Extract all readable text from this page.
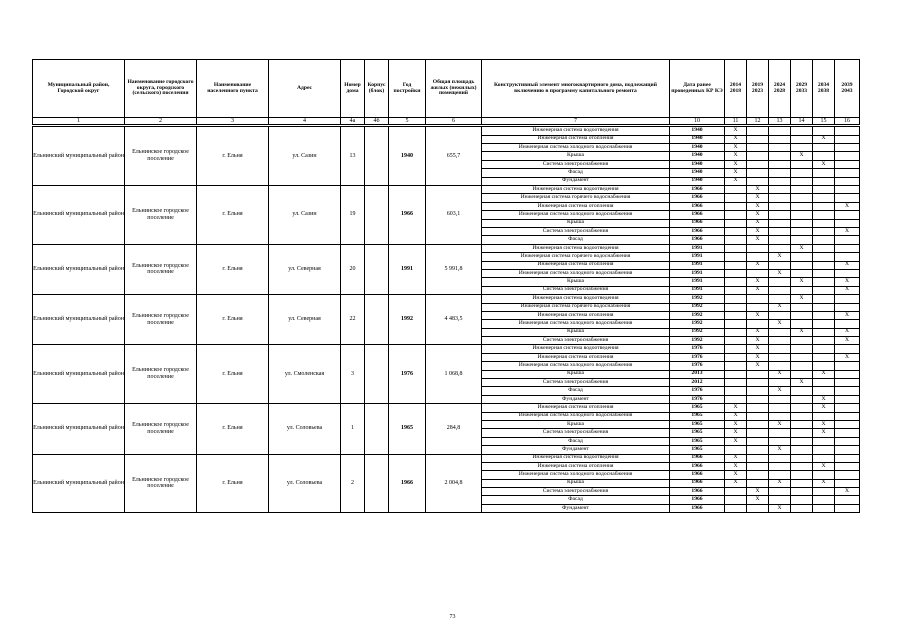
Муниципальный район, Городской округ	Наименование городского округа, городского (сельского) поселения	Наименование населенного пункта	Адрес	Номер дома	Корпус (блок)	Год постройки	Общая площадь жилых (нежилых) помещений	Конструктивный элемент многоквартирного дома, подлежащий включению в программу капитального ремонта	Дата ранее проведенных КР КЭ	2014 2018	2019 2023	2024 2028	2029 2033	2034 2038	2039 2043
1	2	3	4	4а	4б	5	6	7	10	11	12	13	14	15	16

Ельнинский муниципальный район	Ельнинское городское поселение	г. Ельня	ул. Сазин	13		1940	655,7	Инженерная система водоотведения	1940	X					
								Инженерная система отопления	1940	X				X	
								Инженерная система холодного водоснабжения	1940	X					
								Крыша	1940	X			X		
								Система электроснабжения	1940	X				X	
								Фасад	1940	X					
								Фундамент	1940	X					
Ельнинский муниципальный район	Ельнинское городское поселение	г. Ельня	ул. Сазин	19		1966	603,1	Инженерная система водоотведения	1966		X				
								Инженерная система горячего водоснабжения	1966		X				
								Инженерная система отопления	1966		X				X
								Инженерная система холодного водоснабжения	1966		X				
								Крыша	1966		X				
								Система электроснабжения	1966		X				X
								Фасад	1966		X				
Ельнинский муниципальный район	Ельнинское городское поселение	г. Ельня	ул. Северная	20		1991	5 991,8	Инженерная система водоотведения	1991				X		
								Инженерная система горячего водоснабжения	1991			X			
								Инженерная система отопления	1991		X				X
								Инженерная система холодного водоснабжения	1991			X			
								Крыша	1991		X		X		X
								Система электроснабжения	1991		X				X
Ельнинский муниципальный район	Ельнинское городское поселение	г. Ельня	ул. Северная	22		1992	4 483,5	Инженерная система водоотведения	1992				X		
								Инженерная система горячего водоснабжения	1992			X			
								Инженерная система отопления	1992		X				X
								Инженерная система холодного водоснабжения	1992			X			
								Крыша	1992		X		X		X
								Система электроснабжения	1992		X				X
Ельнинский муниципальный район	Ельнинское городское поселение	г. Ельня	ул. Смоленская	3		1976	1 068,8	Инженерная система водоотведения	1976		X				
								Инженерная система отопления	1976		X				X
								Инженерная система холодного водоснабжения	1976		X				
								Крыша	2013			X		X	
								Система электроснабжения	2012				X		
								Фасад	1976			X			
								Фундамент	1976					X	
Ельнинский муниципальный район	Ельнинское городское поселение	г. Ельня	ул. Соловьева	1		1965	284,8	Инженерная система отопления	1965	X				X	
								Инженерная система холодного водоснабжения	1965	X					
								Крыша	1965	X		X		X	
								Система электроснабжения	1965	X				X	
								Фасад	1965	X					
								Фундамент	1965			X			
Ельнинский муниципальный район	Ельнинское городское поселение	г. Ельня	ул. Соловьева	2		1966	2 004,8	Инженерная система водоотведения	1966	X					
								Инженерная система отопления	1966	X				X	
								Инженерная система холодного водоснабжения	1966	X					
								Крыша	1966	X		X		X	
								Система электроснабжения	1966		X				X
								Фасад	1966		X				
								Фундамент	1966			X			
73
